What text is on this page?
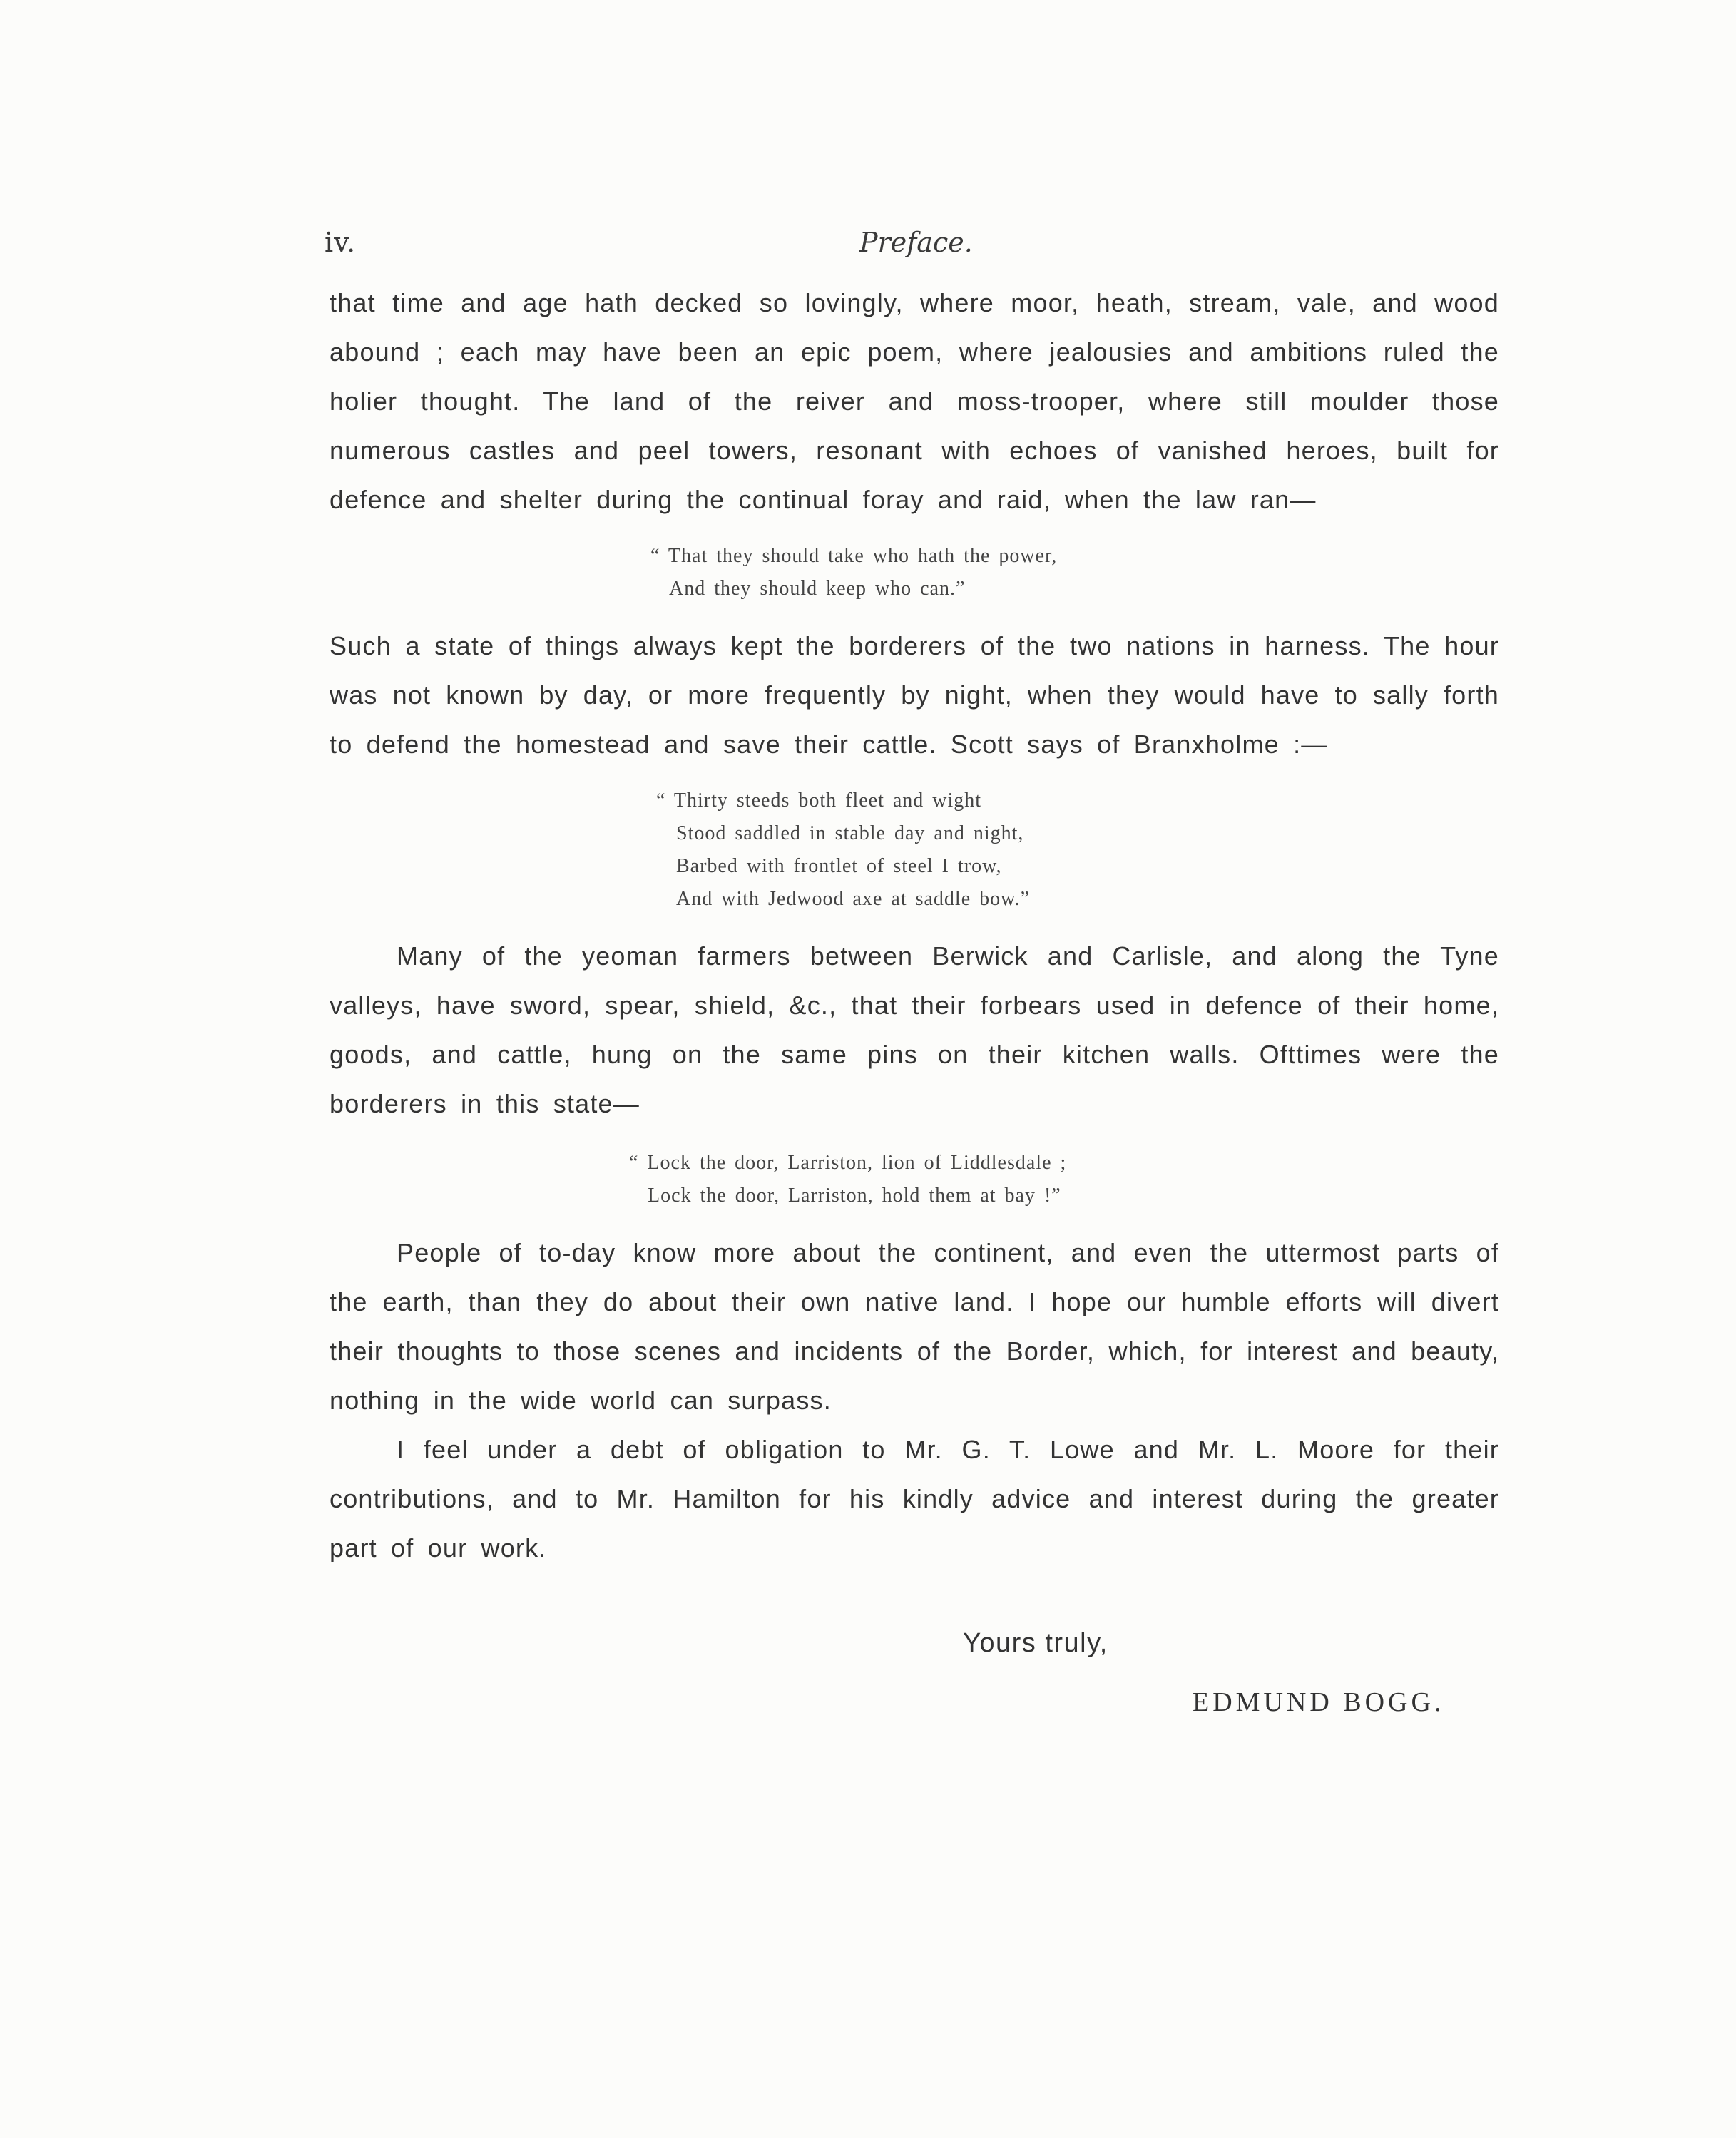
iv.	Preface.

that time and age hath decked so lovingly, where moor, heath, stream, vale, and wood abound ; each may have been an epic poem, where jealousies and ambitions ruled the holier thought. The land of the reiver and moss-trooper, where still moulder those numerous castles and peel towers, resonant with echoes of vanished heroes, built for defence and shelter during the continual foray and raid, when the law ran—

“ That they should take who hath the power,
And they should keep who can.”

Such a state of things always kept the borderers of the two nations in harness. The hour was not known by day, or more frequently by night, when they would have to sally forth to defend the homestead and save their cattle. Scott says of Branxholme :—

“ Thirty steeds both fleet and wight
Stood saddled in stable day and night,
Barbed with frontlet of steel I trow,
And with Jedwood axe at saddle bow.”

Many of the yeoman farmers between Berwick and Carlisle, and along the Tyne valleys, have sword, spear, shield, &c., that their forbears used in defence of their home, goods, and cattle, hung on the same pins on their kitchen walls. Ofttimes were the borderers in this state—

“ Lock the door, Larriston, lion of Liddlesdale ;
Lock the door, Larriston, hold them at bay !”

People of to-day know more about the continent, and even the uttermost parts of the earth, than they do about their own native land. I hope our humble efforts will divert their thoughts to those scenes and incidents of the Border, which, for interest and beauty, nothing in the wide world can surpass.

I feel under a debt of obligation to Mr. G. T. Lowe and Mr. L. Moore for their contributions, and to Mr. Hamilton for his kindly advice and interest during the greater part of our work.

Yours truly,
EDMUND BOGG.
